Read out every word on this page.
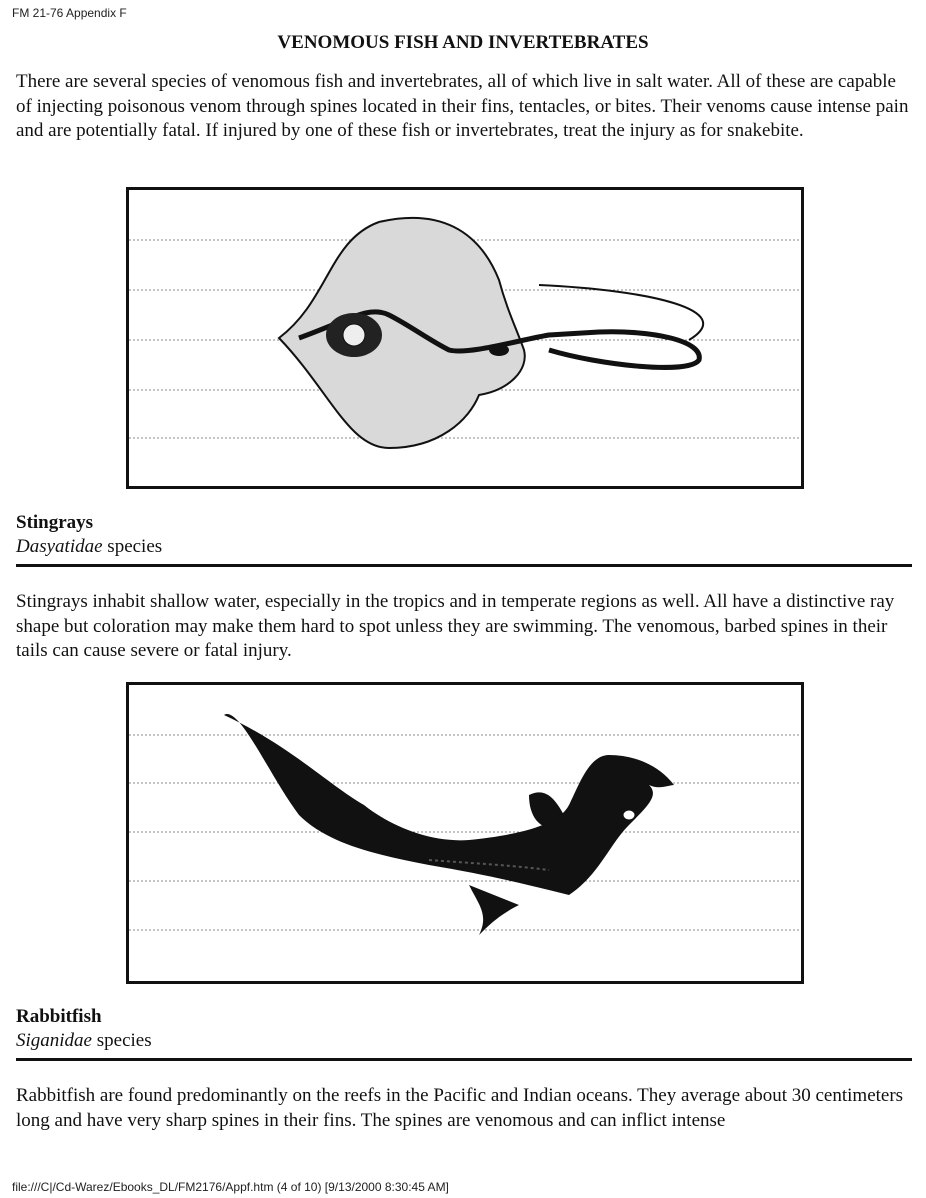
FM 21-76 Appendix F
VENOMOUS FISH AND INVERTEBRATES
There are several species of venomous fish and invertebrates, all of which live in salt water. All of these are capable of injecting poisonous venom through spines located in their fins, tentacles, or bites. Their venoms cause intense pain and are potentially fatal. If injured by one of these fish or invertebrates, treat the injury as for snakebite.
Stingrays
Dasyatidae species
Stingrays inhabit shallow water, especially in the tropics and in temperate regions as well. All have a distinctive ray shape but coloration may make them hard to spot unless they are swimming. The venomous, barbed spines in their tails can cause severe or fatal injury.
Rabbitfish
Siganidae species
Rabbitfish are found predominantly on the reefs in the Pacific and Indian oceans. They average about 30 centimeters long and have very sharp spines in their fins. The spines are venomous and can inflict intense
file:///C|/Cd-Warez/Ebooks_DL/FM2176/Appf.htm (4 of 10) [9/13/2000 8:30:45 AM]
